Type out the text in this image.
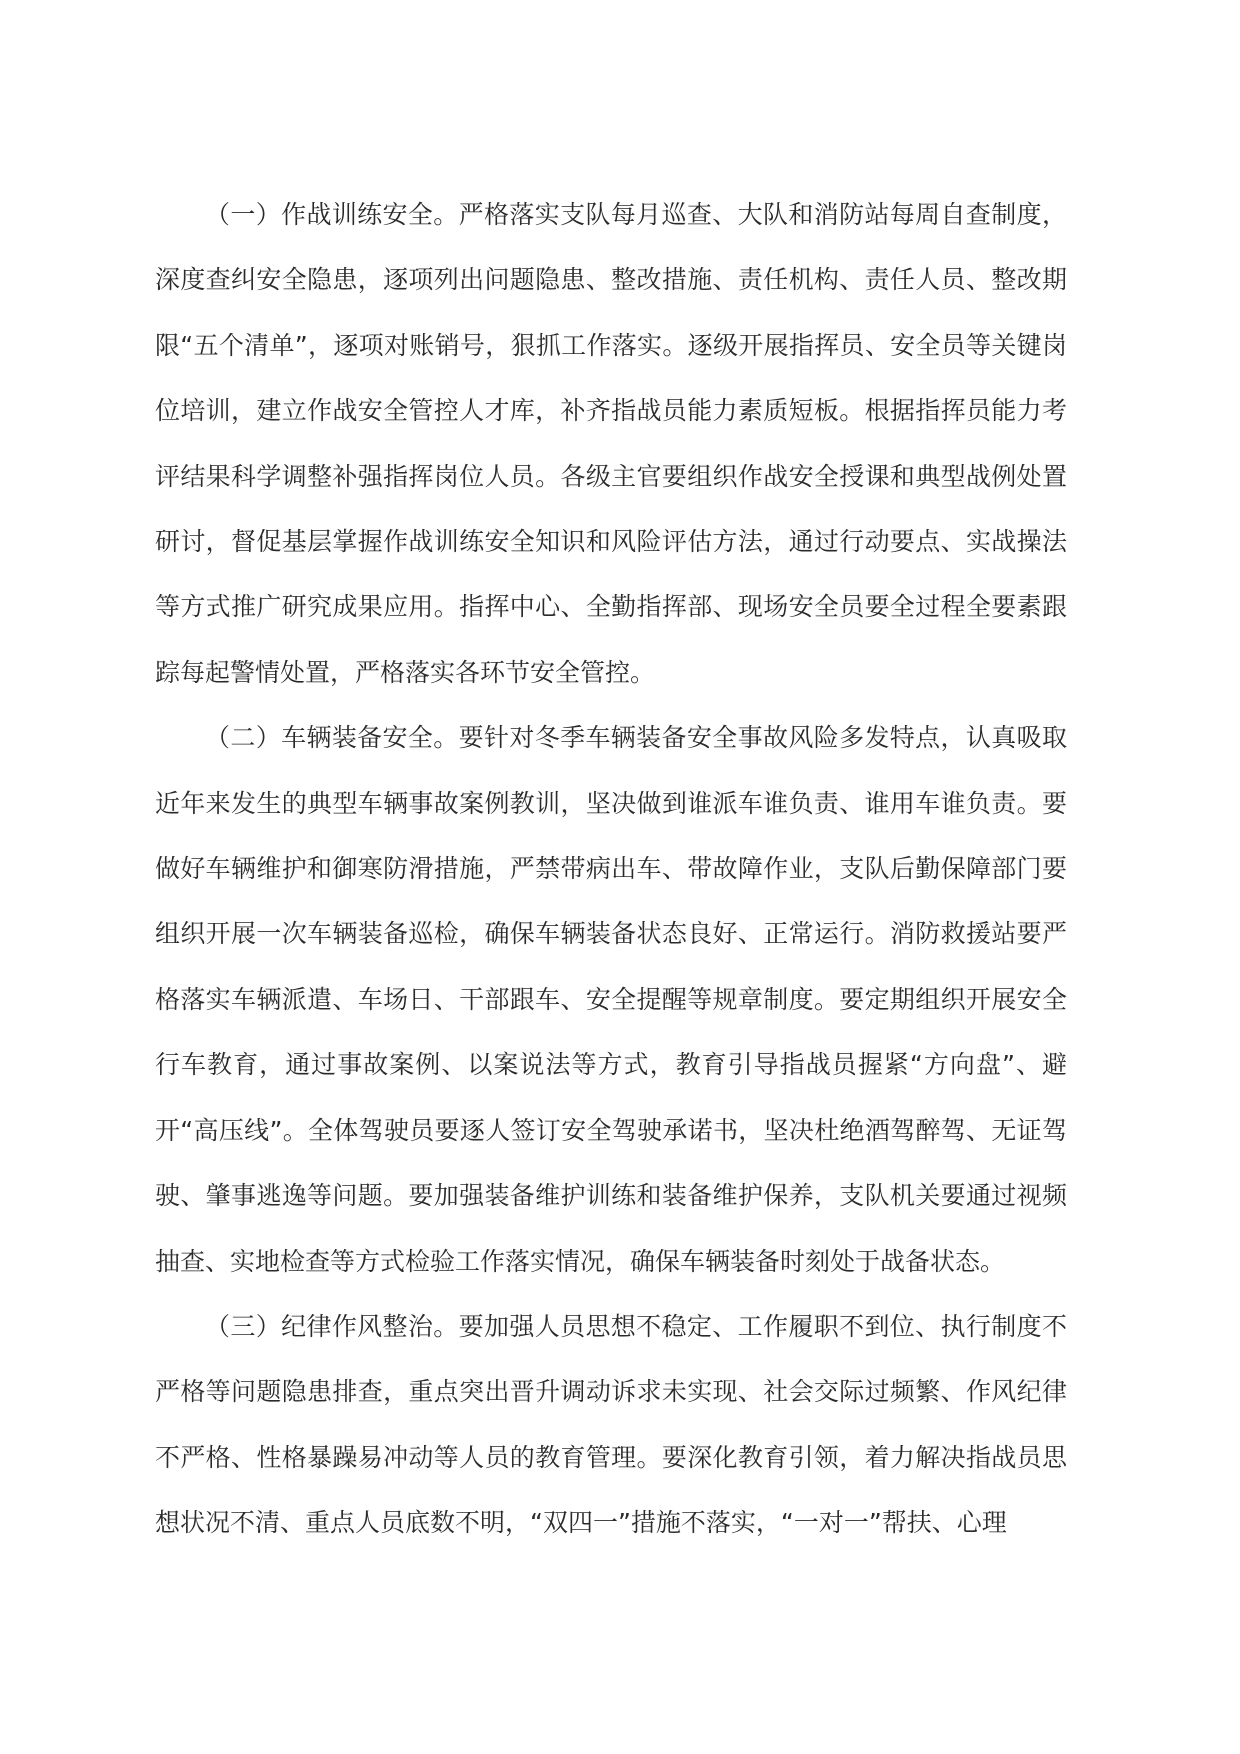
（一）作战训练安全。严格落实支队每月巡查、大队和消防站每周自查制度，深度查纠安全隐患，逐项列出问题隐患、整改措施、责任机构、责任人员、整改期限“五个清单”，逐项对账销号，狠抓工作落实。逐级开展指挥员、安全员等关键岗位培训，建立作战安全管控人才库，补齐指战员能力素质短板。根据指挥员能力考评结果科学调整补强指挥岗位人员。各级主官要组织作战安全授课和典型战例处置研讨，督促基层掌握作战训练安全知识和风险评估方法，通过行动要点、实战操法等方式推广研究成果应用。指挥中心、全勤指挥部、现场安全员要全过程全要素跟踪每起警情处置，严格落实各环节安全管控。

（二）车辆装备安全。要针对冬季车辆装备安全事故风险多发特点，认真吸取近年来发生的典型车辆事故案例教训，坚决做到谁派车谁负责、谁用车谁负责。要做好车辆维护和御寒防滑措施，严禁带病出车、带故障作业，支队后勤保障部门要组织开展一次车辆装备巡检，确保车辆装备状态良好、正常运行。消防救援站要严格落实车辆派遣、车场日、干部跟车、安全提醒等规章制度。要定期组织开展安全行车教育，通过事故案例、以案说法等方式，教育引导指战员握紧“方向盘”、避开“高压线”。全体驾驶员要逐人签订安全驾驶承诺书，坚决杜绝酒驾醉驾、无证驾驶、肇事逃逸等问题。要加强装备维护训练和装备维护保养，支队机关要通过视频抽查、实地检查等方式检验工作落实情况，确保车辆装备时刻处于战备状态。

（三）纪律作风整治。要加强人员思想不稳定、工作履职不到位、执行制度不严格等问题隐患排查，重点突出晋升调动诉求未实现、社会交际过频繁、作风纪律不严格、性格暴躁易冲动等人员的教育管理。要深化教育引领，着力解决指战员思想状况不清、重点人员底数不明，“双四一”措施不落实，“一对一”帮扶、心理
